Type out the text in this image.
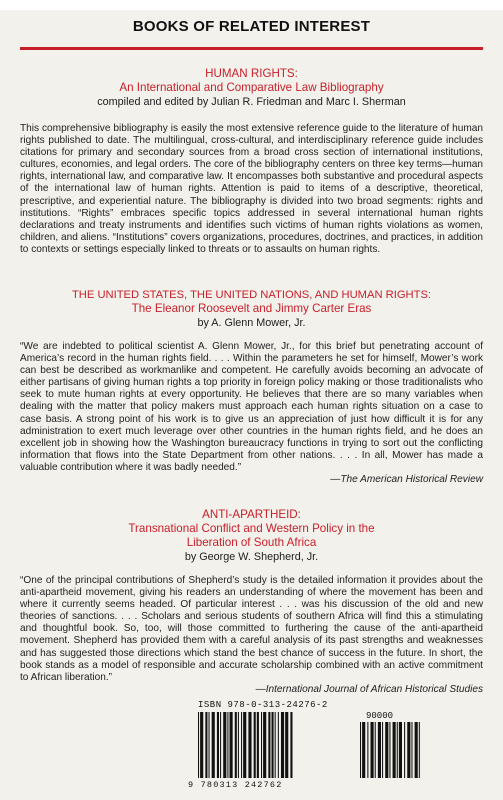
BOOKS OF RELATED INTEREST
HUMAN RIGHTS:
An International and Comparative Law Bibliography
compiled and edited by Julian R. Friedman and Marc I. Sherman
This comprehensive bibliography is easily the most extensive reference guide to the literature of human rights published to date. The multilingual, cross-cultural, and interdisciplinary reference guide includes citations for primary and secondary sources from a broad cross section of international institutions, cultures, economies, and legal orders. The core of the bibliography centers on three key terms—human rights, international law, and comparative law. It encompasses both substantive and procedural aspects of the international law of human rights. Attention is paid to items of a descriptive, theoretical, prescriptive, and experiential nature. The bibliography is divided into two broad segments: rights and institutions. “Rights” embraces specific topics addressed in several international human rights declarations and treaty instruments and identifies such victims of human rights violations as women, children, and aliens. “Institutions” covers organizations, procedures, doctrines, and practices, in addition to contexts or settings especially linked to threats or to assaults on human rights.
THE UNITED STATES, THE UNITED NATIONS, AND HUMAN RIGHTS:
The Eleanor Roosevelt and Jimmy Carter Eras
by A. Glenn Mower, Jr.
“We are indebted to political scientist A. Glenn Mower, Jr., for this brief but penetrating account of America’s record in the human rights field. . . . Within the parameters he set for himself, Mower’s work can best be described as workmanlike and competent. He carefully avoids becoming an advocate of either partisans of giving human rights a top priority in foreign policy making or those traditionalists who seek to mute human rights at every opportunity. He believes that there are so many variables when dealing with the matter that policy makers must approach each human rights situation on a case to case basis. A strong point of his work is to give us an appreciation of just how difficult it is for any administration to exert much leverage over other countries in the human rights field, and he does an excellent job in showing how the Washington bureaucracy functions in trying to sort out the conflicting information that flows into the State Department from other nations. . . . In all, Mower has made a valuable contribution where it was badly needed.”
—The American Historical Review
ANTI-APARTHEID:
Transnational Conflict and Western Policy in the
Liberation of South Africa
by George W. Shepherd, Jr.
“One of the principal contributions of Shepherd’s study is the detailed information it provides about the anti-apartheid movement, giving his readers an understanding of where the movement has been and where it currently seems headed. Of particular interest . . . was his discussion of the old and new theories of sanctions. . . . Scholars and serious students of southern Africa will find this a stimulating and thoughtful book. So, too, will those committed to furthering the cause of the anti-apartheid movement. Shepherd has provided them with a careful analysis of its past strengths and weaknesses and has suggested those directions which stand the best chance of success in the future. In short, the book stands as a model of responsible and accurate scholarship combined with an active commitment to African liberation.”
—International Journal of African Historical Studies
ISBN 978-0-313-24276-2
90000
9 780313 242762
